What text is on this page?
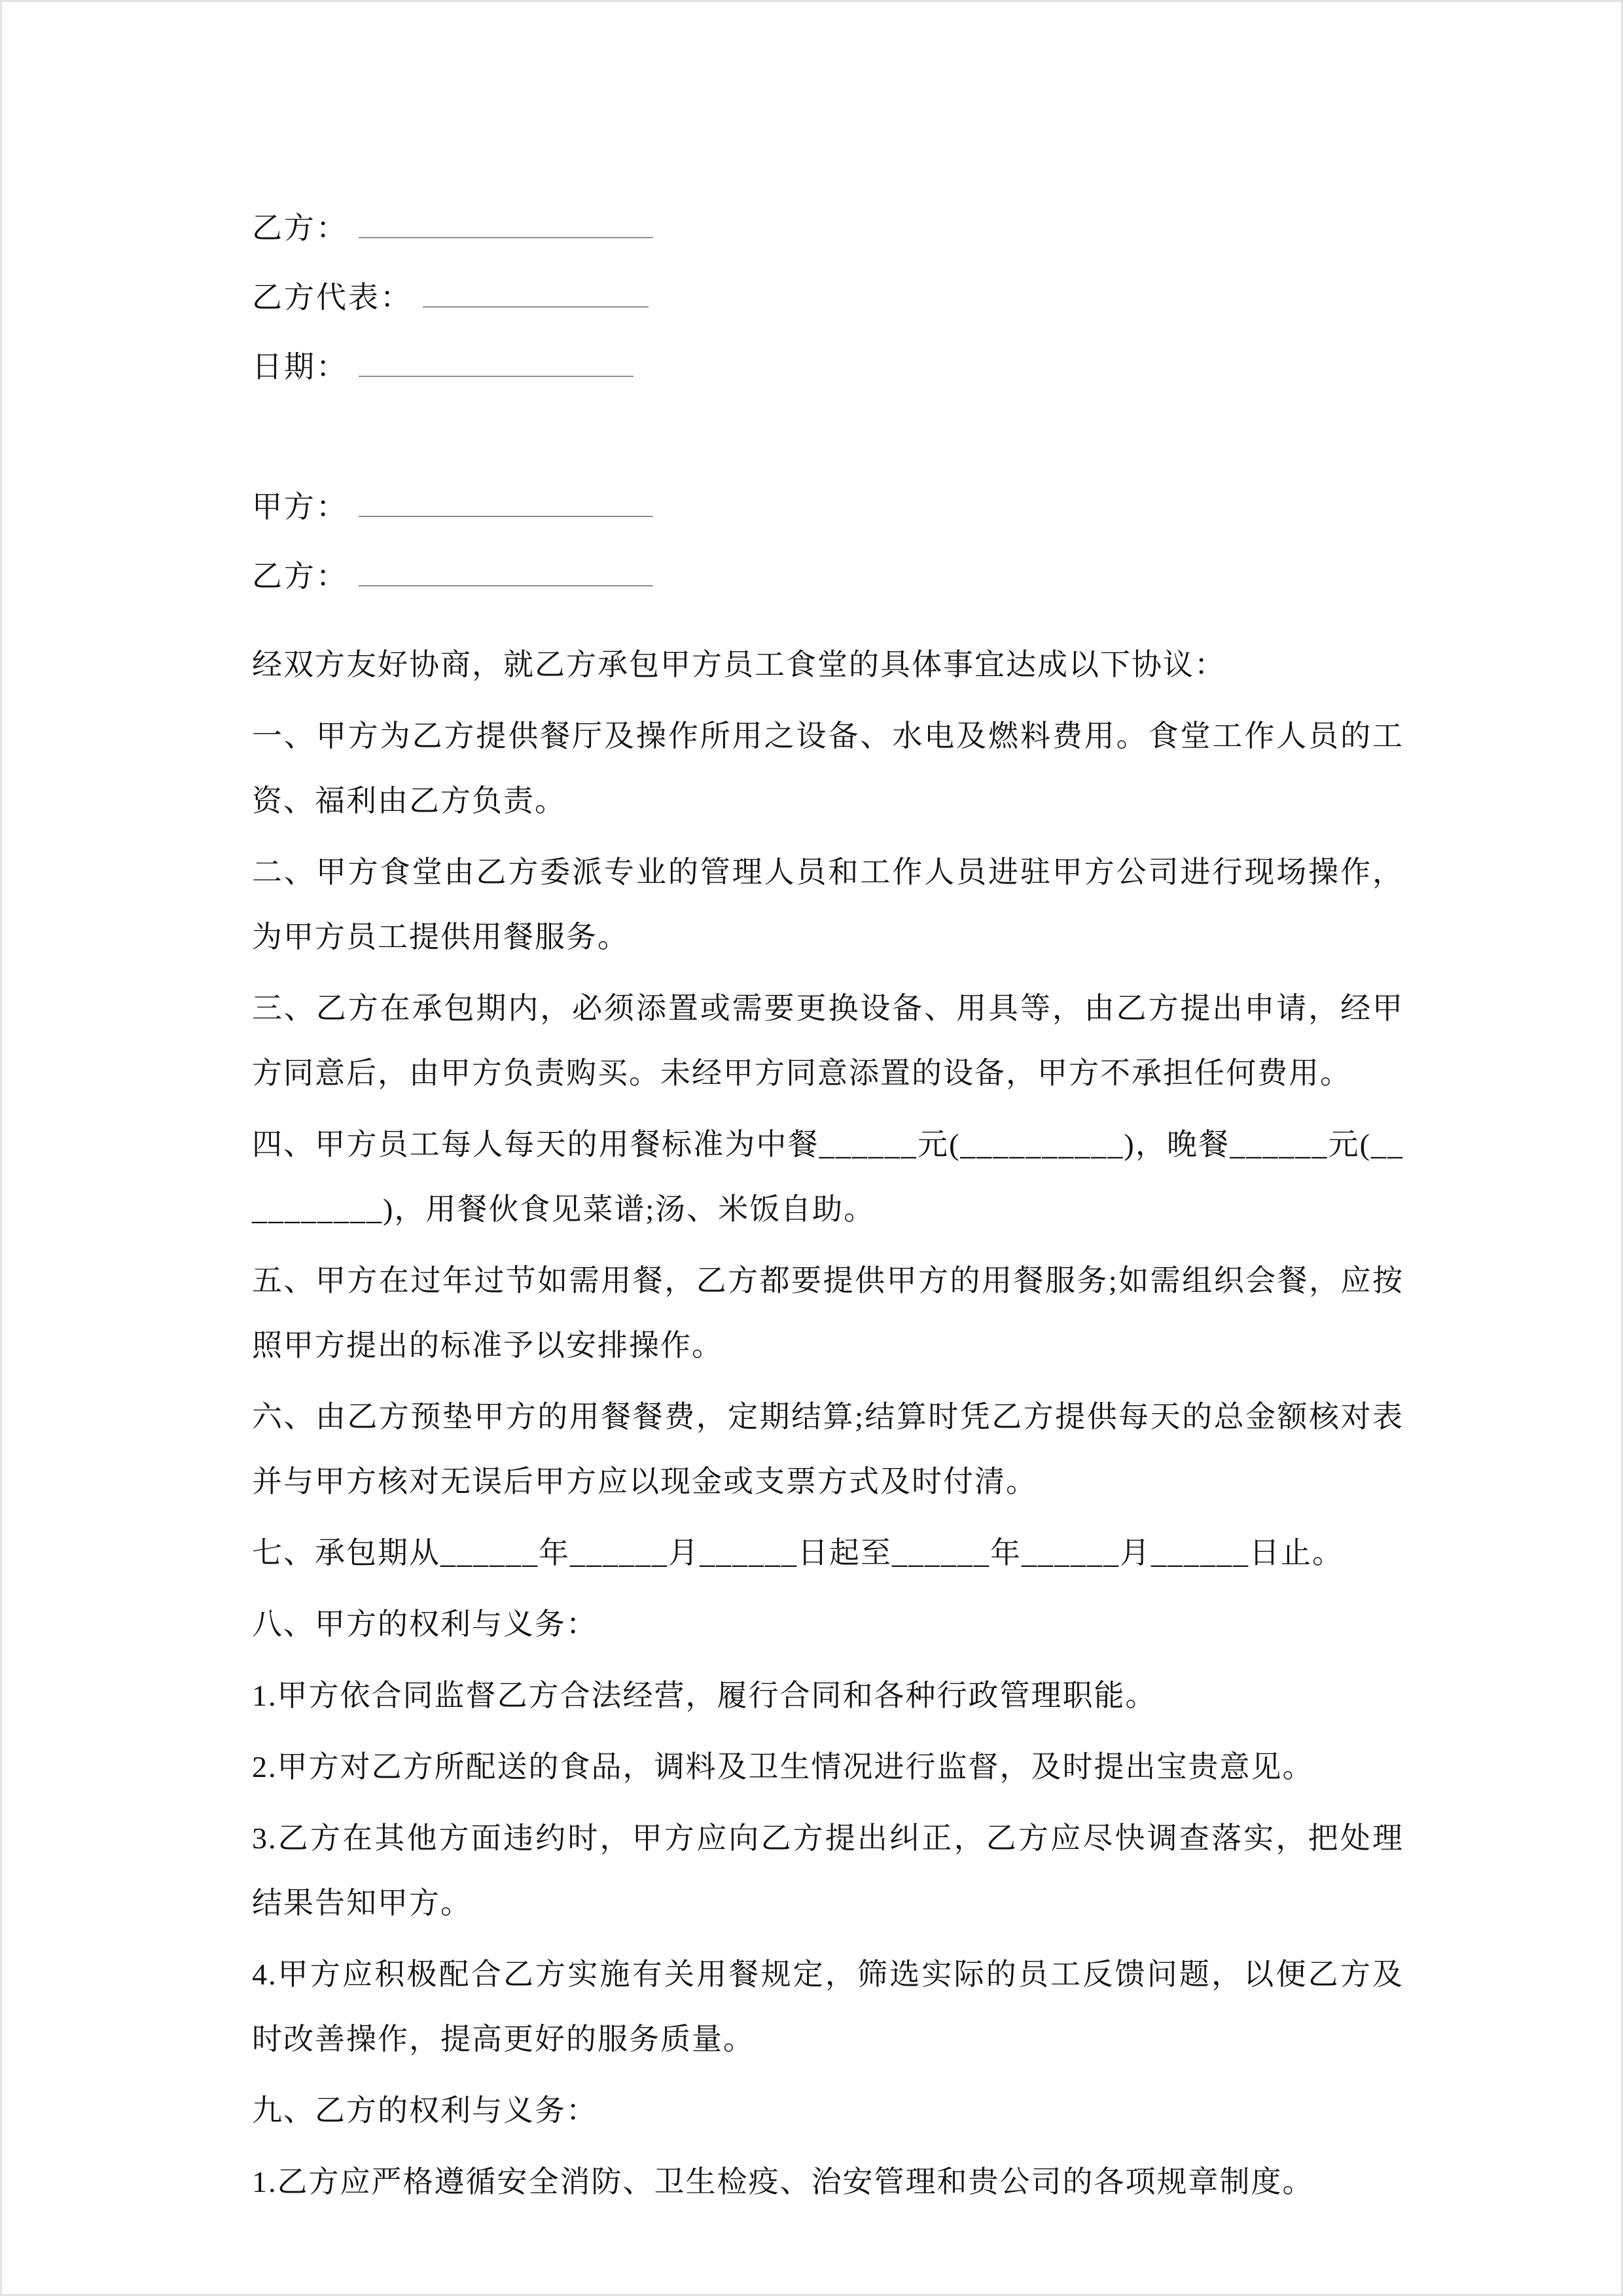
乙方：
乙方代表：
日期：
甲方：
乙方：

经双方友好协商，就乙方承包甲方员工食堂的具体事宜达成以下协议：

一、甲方为乙方提供餐厅及操作所用之设备、水电及燃料费用。食堂工作人员的工资、福利由乙方负责。

二、甲方食堂由乙方委派专业的管理人员和工作人员进驻甲方公司进行现场操作，为甲方员工提供用餐服务。

三、乙方在承包期内，必须添置或需要更换设备、用具等，由乙方提出申请，经甲方同意后，由甲方负责购买。未经甲方同意添置的设备，甲方不承担任何费用。

四、甲方员工每人每天的用餐标准为中餐______元(__________)，晚餐______元(__________)，用餐伙食见菜谱;汤、米饭自助。

五、甲方在过年过节如需用餐，乙方都要提供甲方的用餐服务;如需组织会餐，应按照甲方提出的标准予以安排操作。

六、由乙方预垫甲方的用餐餐费，定期结算;结算时凭乙方提供每天的总金额核对表并与甲方核对无误后甲方应以现金或支票方式及时付清。

七、承包期从______年______月______日起至______年______月______日止。

八、甲方的权利与义务：

1.甲方依合同监督乙方合法经营，履行合同和各种行政管理职能。

2.甲方对乙方所配送的食品，调料及卫生情况进行监督，及时提出宝贵意见。

3.乙方在其他方面违约时，甲方应向乙方提出纠正，乙方应尽快调查落实，把处理结果告知甲方。

4.甲方应积极配合乙方实施有关用餐规定，筛选实际的员工反馈问题，以便乙方及时改善操作，提高更好的服务质量。

九、乙方的权利与义务：

1.乙方应严格遵循安全消防、卫生检疫、治安管理和贵公司的各项规章制度。
